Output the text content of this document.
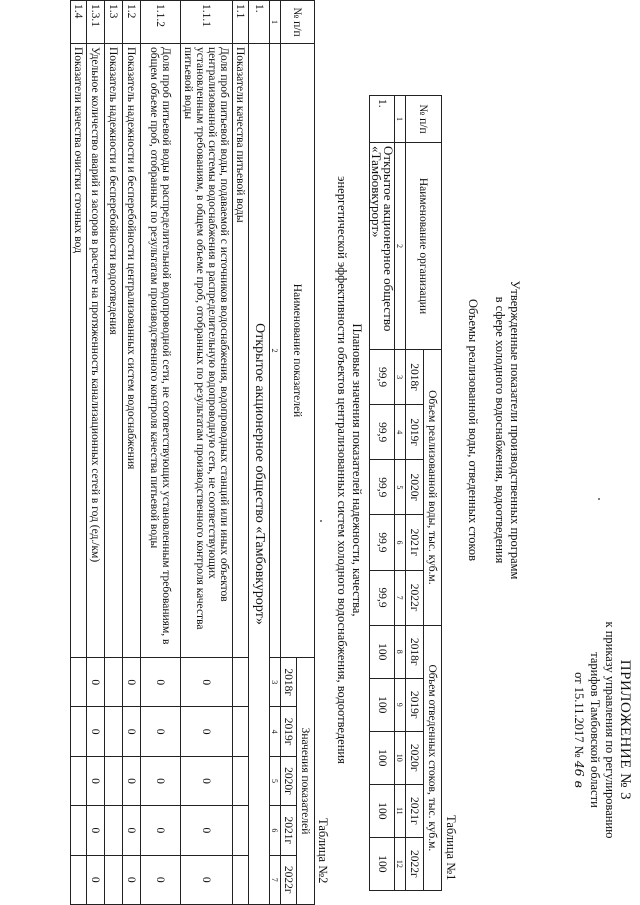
ПРИЛОЖЕНИЕ № 3
к приказу управления по регулированию
тарифов Тамбовской области
от 15.11.2017 № 46 в
Утвержденные показатели производственных программ
в сфере холодного водоснабжения, водоотведения
Объемы реализованной воды, отведенных стоков
Таблица №1
№ п/п	Наименование организации	Объем реализованной воды, тыс. куб.м.					Объем отведенных стоков, тыс. куб.м.				
		2018г	2019г	2020г	2021г	2022г	2018г	2019г	2020г	2021г	2022г
1	2	3	4	5	6	7	8	9	10	11	12
1.	Открытое акционерное общество «Тамбовкурорт»	99,9	99,9	99,9	99,9	99,9	100	100	100	100	100
Плановые значения показателей надежности, качества,
энергетической эффективности объектов централизованных систем холодного водоснабжения, водоотведения
Таблица №2
№ п/п	Наименование показателей	Значения показателей				
		2018г	2019г	2020г	2021г	2022г
1	2	3	4	5	6	7
1.	Открытое акционерное общество «Тамбовкурорт»					
1.1	Показатели качества питьевой воды					
1.1.1	Доля проб питьевой воды, подаваемой с источников водоснабжения, водопроводных станций или иных объектов централизованной системы водоснабжения в распределительную водопроводную сеть, не соответствующих установленным требованиям, в общем объеме проб, отобранных по результатам производственного контроля качества питьевой воды	0	0	0	0	0
1.1.2	Доля проб питьевой воды в распределительной водопроводной сети, не соответствующих установленным требованиям, в общем объеме проб, отобранных по результатам производственного контроля качества питьевой воды	0	0	0	0	0
1.2	Показатель надежности и бесперебойности централизованных систем водоснабжения	0	0	0	0	0
1.3	Показатель надежности и бесперебойности водоотведения					
1.3.1	Удельное количество аварий и засоров в расчете на протяженность канализационных сетей в год (ед./км)	0	0	0	0	0
1.4	Показатели качества очистки сточных вод					
